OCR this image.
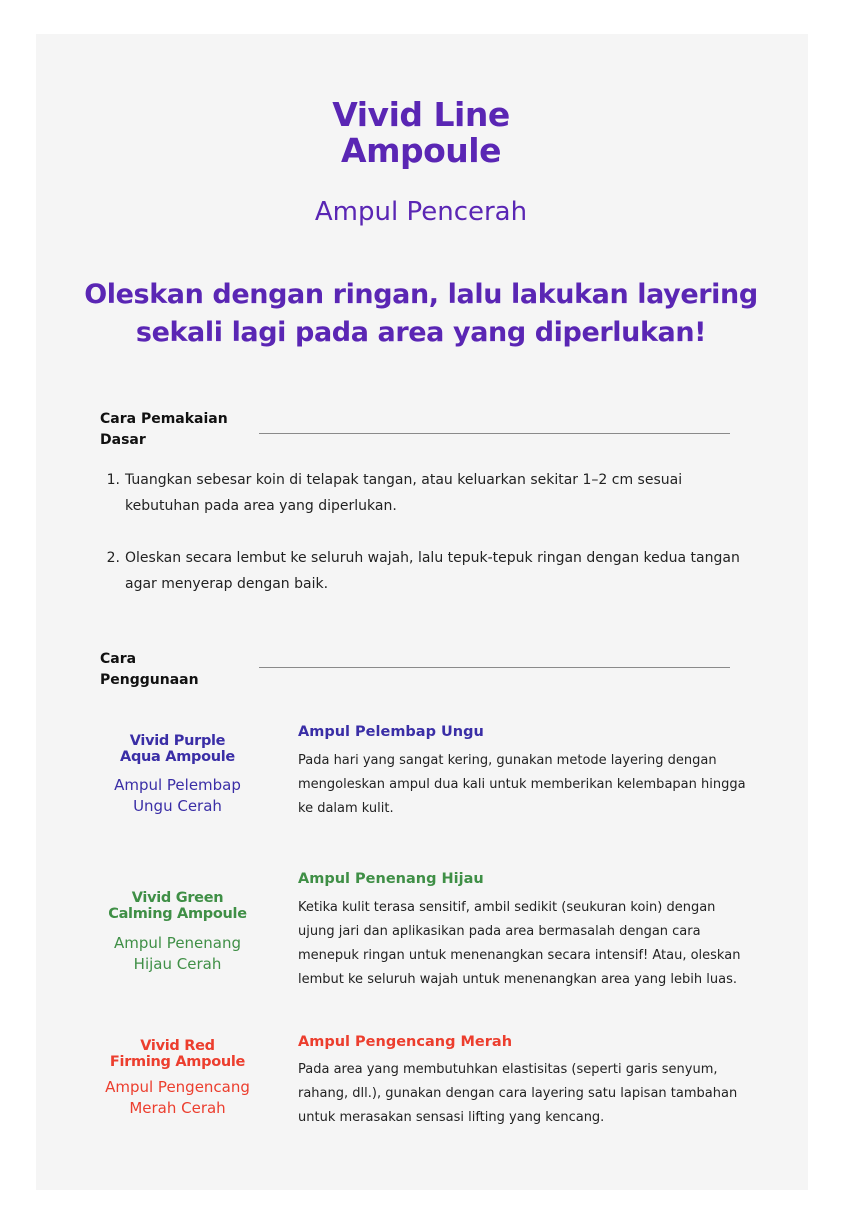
Vivid Line
Ampoule
Ampul Pencerah
Oleskan dengan ringan, lalu lakukan layering sekali lagi pada area yang diperlukan!
Cara Pemakaian
Dasar
1. Tuangkan sebesar koin di telapak tangan, atau keluarkan sekitar 1–2 cm sesuai kebutuhan pada area yang diperlukan.
2. Oleskan secara lembut ke seluruh wajah, lalu tepuk-tepuk ringan dengan kedua tangan agar menyerap dengan baik.
Cara
Penggunaan
Vivid Purple
Aqua Ampoule
Ampul Pelembap
Ungu Cerah
Ampul Pelembap Ungu
Pada hari yang sangat kering, gunakan metode layering dengan mengoleskan ampul dua kali untuk memberikan kelembapan hingga ke dalam kulit.
Vivid Green
Calming Ampoule
Ampul Penenang
Hijau Cerah
Ampul Penenang Hijau
Ketika kulit terasa sensitif, ambil sedikit (seukuran koin) dengan ujung jari dan aplikasikan pada area bermasalah dengan cara menepuk ringan untuk menenangkan secara intensif! Atau, oleskan lembut ke seluruh wajah untuk menenangkan area yang lebih luas.
Vivid Red
Firming Ampoule
Ampul Pengencang
Merah Cerah
Ampul Pengencang Merah
Pada area yang membutuhkan elastisitas (seperti garis senyum, rahang, dll.), gunakan dengan cara layering satu lapisan tambahan untuk merasakan sensasi lifting yang kencang.
